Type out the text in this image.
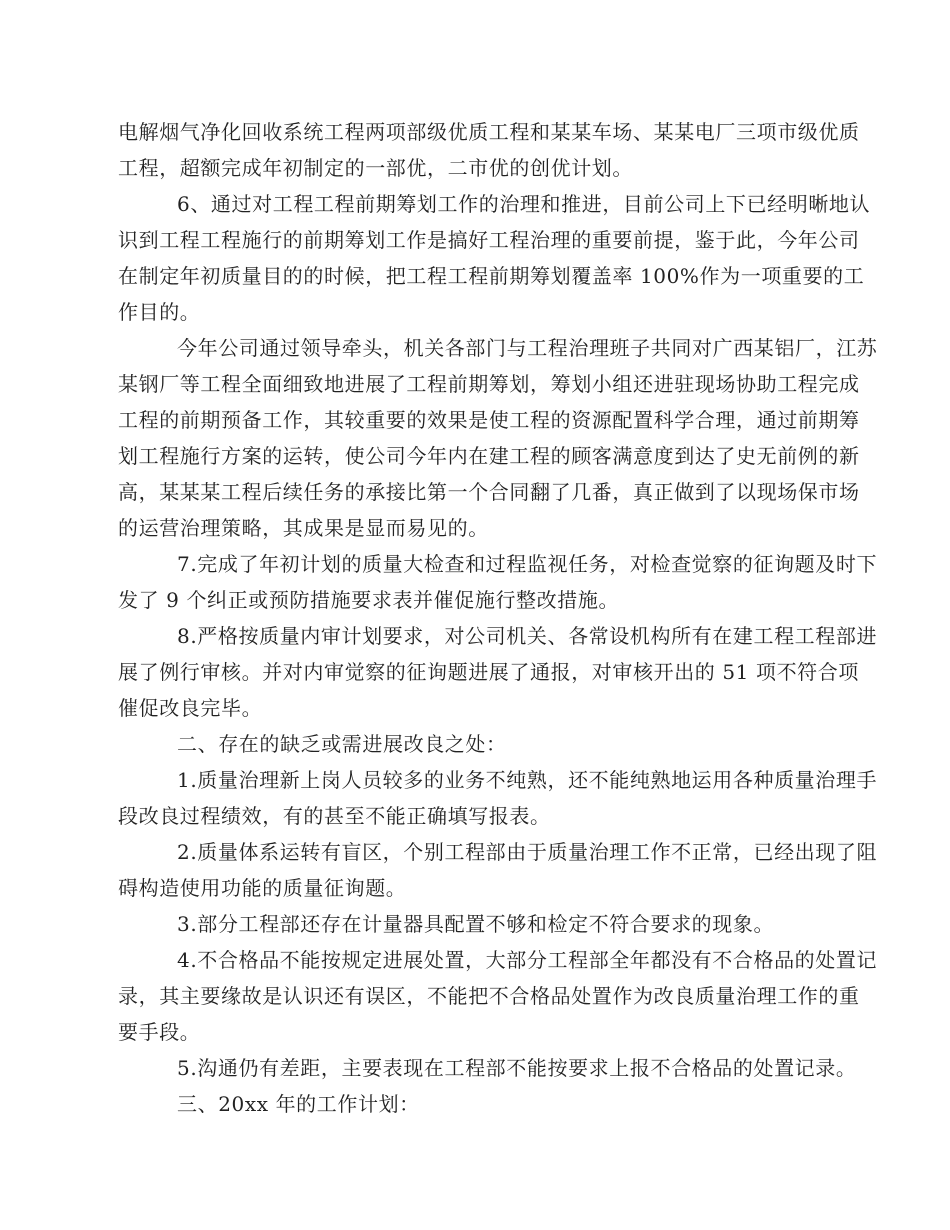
电解烟气净化回收系统工程两项部级优质工程和某某车场、某某电厂三项市级优质
工程，超额完成年初制定的一部优，二市优的创优计划。
6、通过对工程工程前期筹划工作的治理和推进，目前公司上下已经明晰地认
识到工程工程施行的前期筹划工作是搞好工程治理的重要前提，鉴于此，今年公司
在制定年初质量目的的时候，把工程工程前期筹划覆盖率 100%作为一项重要的工
作目的。
今年公司通过领导牵头，机关各部门与工程治理班子共同对广西某铝厂，江苏
某钢厂等工程全面细致地进展了工程前期筹划，筹划小组还进驻现场协助工程完成
工程的前期预备工作，其较重要的效果是使工程的资源配置科学合理，通过前期筹
划工程施行方案的运转，使公司今年内在建工程的顾客满意度到达了史无前例的新
高，某某某工程后续任务的承接比第一个合同翻了几番，真正做到了以现场保市场
的运营治理策略，其成果是显而易见的。
7.完成了年初计划的质量大检查和过程监视任务，对检查觉察的征询题及时下
发了 9 个纠正或预防措施要求表并催促施行整改措施。
8.严格按质量内审计划要求，对公司机关、各常设机构所有在建工程工程部进
展了例行审核。并对内审觉察的征询题进展了通报，对审核开出的 51 项不符合项
催促改良完毕。
二、存在的缺乏或需进展改良之处：
1.质量治理新上岗人员较多的业务不纯熟，还不能纯熟地运用各种质量治理手
段改良过程绩效，有的甚至不能正确填写报表。
2.质量体系运转有盲区，个别工程部由于质量治理工作不正常，已经出现了阻
碍构造使用功能的质量征询题。
3.部分工程部还存在计量器具配置不够和检定不符合要求的现象。
4.不合格品不能按规定进展处置，大部分工程部全年都没有不合格品的处置记
录，其主要缘故是认识还有误区，不能把不合格品处置作为改良质量治理工作的重
要手段。
5.沟通仍有差距，主要表现在工程部不能按要求上报不合格品的处置记录。
三、20xx 年的工作计划：
